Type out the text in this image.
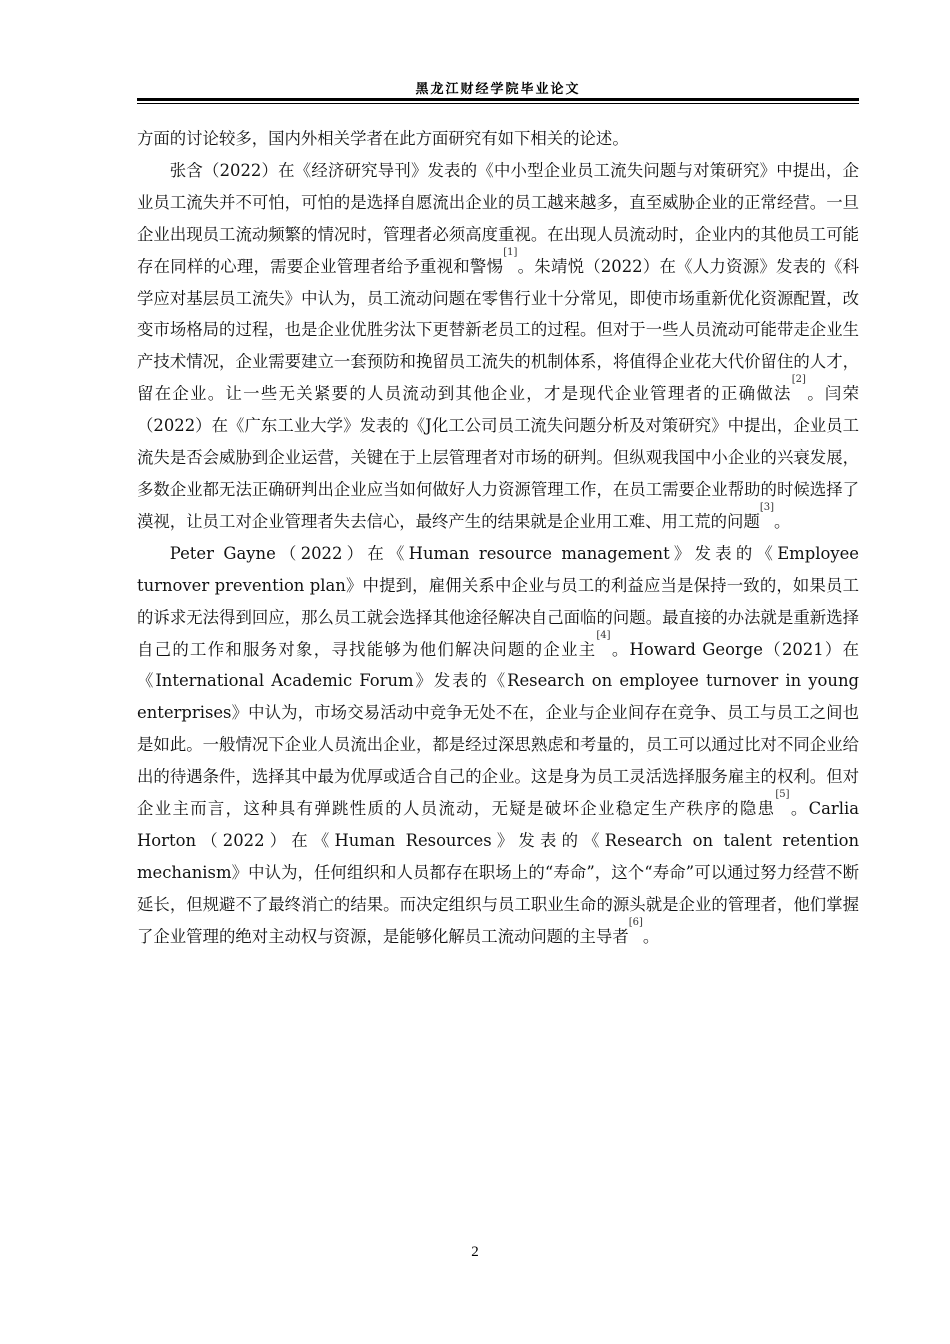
黑龙江财经学院毕业论文

方面的讨论较多，国内外相关学者在此方面研究有如下相关的论述。

张含（2022）在《经济研究导刊》发表的《中小型企业员工流失问题与对策研究》中提出，企业员工流失并不可怕，可怕的是选择自愿流出企业的员工越来越多，直至威胁企业的正常经营。一旦企业出现员工流动频繁的情况时，管理者必须高度重视。在出现人员流动时，企业内的其他员工可能存在同样的心理，需要企业管理者给予重视和警惕[1]。朱靖悦（2022）在《人力资源》发表的《科学应对基层员工流失》中认为，员工流动问题在零售行业十分常见，即使市场重新优化资源配置，改变市场格局的过程，也是企业优胜劣汰下更替新老员工的过程。但对于一些人员流动可能带走企业生产技术情况，企业需要建立一套预防和挽留员工流失的机制体系，将值得企业花大代价留住的人才，留在企业。让一些无关紧要的人员流动到其他企业，才是现代企业管理者的正确做法[2]。闫荣（2022）在《广东工业大学》发表的《J化工公司员工流失问题分析及对策研究》中提出，企业员工流失是否会威胁到企业运营，关键在于上层管理者对市场的研判。但纵观我国中小企业的兴衰发展，多数企业都无法正确研判出企业应当如何做好人力资源管理工作，在员工需要企业帮助的时候选择了漠视，让员工对企业管理者失去信心，最终产生的结果就是企业用工难、用工荒的问题[3]。

Peter Gayne（2022）在《Human resource management》发表的《Employee turnover prevention plan》中提到，雇佣关系中企业与员工的利益应当是保持一致的，如果员工的诉求无法得到回应，那么员工就会选择其他途径解决自己面临的问题。最直接的办法就是重新选择自己的工作和服务对象，寻找能够为他们解决问题的企业主[4]。Howard George（2021）在《International Academic Forum》发表的《Research on employee turnover in young enterprises》中认为，市场交易活动中竞争无处不在，企业与企业间存在竞争、员工与员工之间也是如此。一般情况下企业人员流出企业，都是经过深思熟虑和考量的，员工可以通过比对不同企业给出的待遇条件，选择其中最为优厚或适合自己的企业。这是身为员工灵活选择服务雇主的权利。但对企业主而言，这种具有弹跳性质的人员流动，无疑是破坏企业稳定生产秩序的隐患[5]。Carlia Horton（2022）在《Human Resources》发表的《Research on talent retention mechanism》中认为，任何组织和人员都存在职场上的“寿命”，这个“寿命”可以通过努力经营不断延长，但规避不了最终消亡的结果。而决定组织与员工职业生命的源头就是企业的管理者，他们掌握了企业管理的绝对主动权与资源，是能够化解员工流动问题的主导者[6]。

2
